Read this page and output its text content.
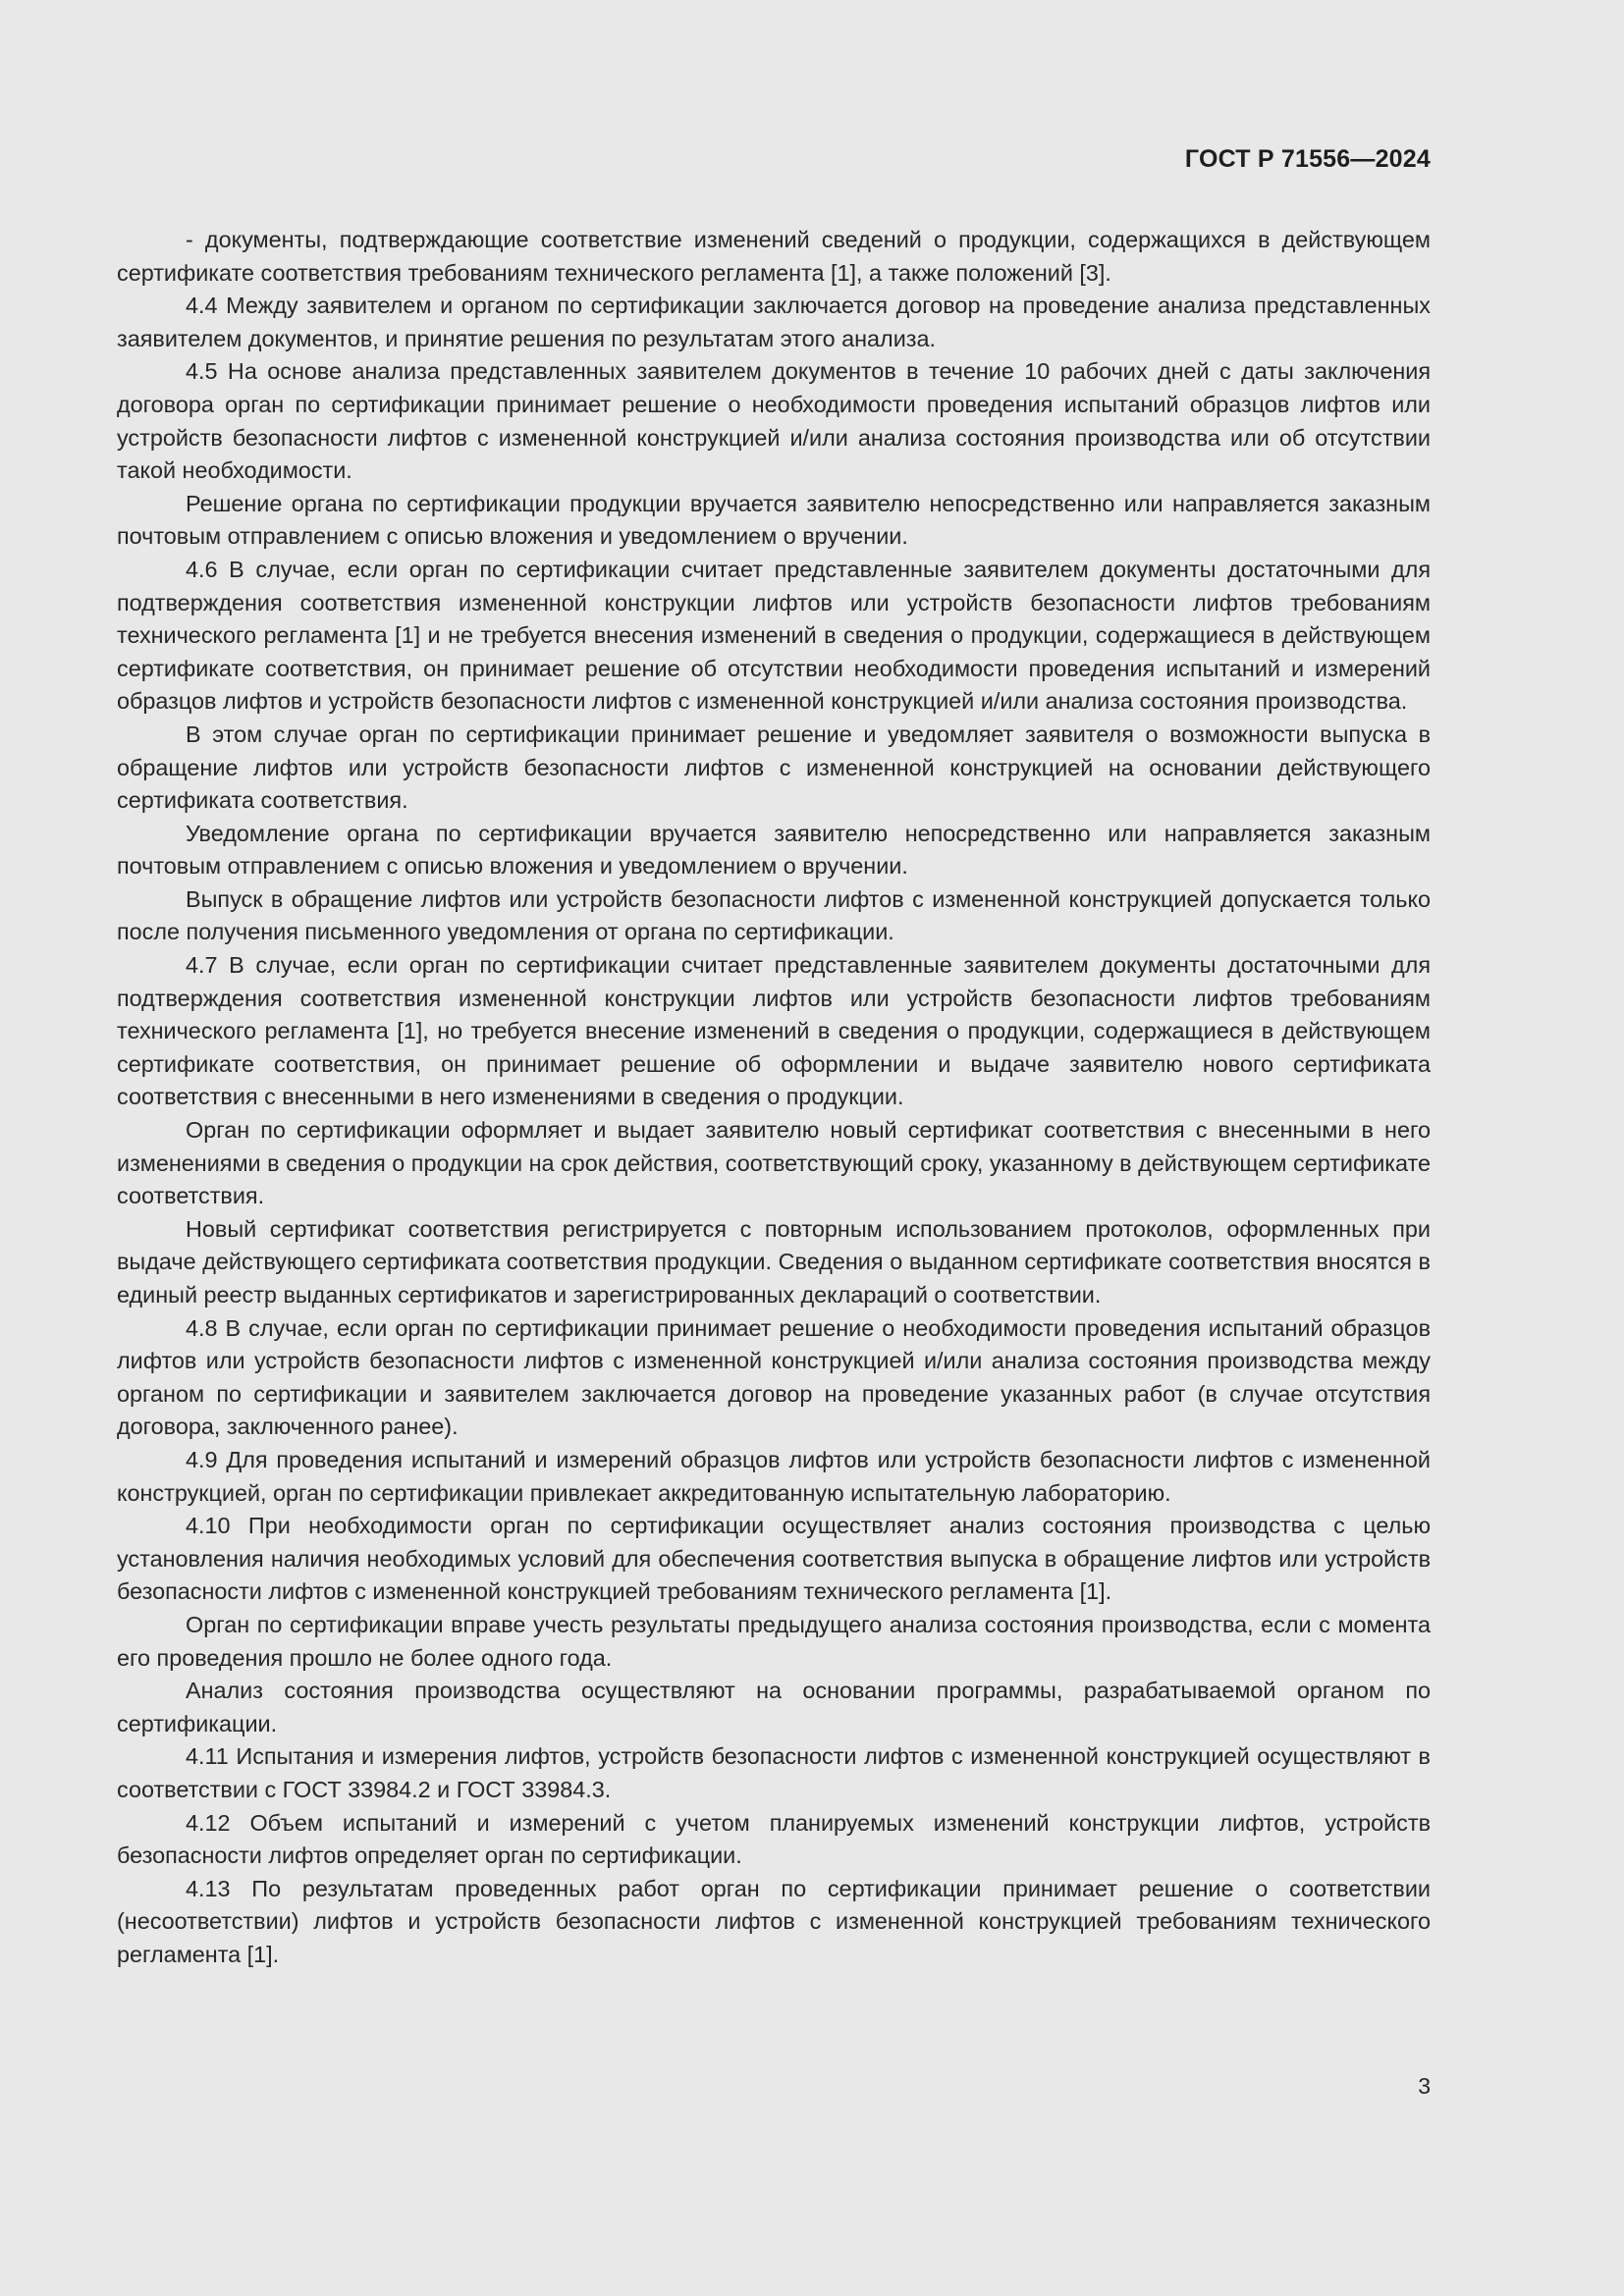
ГОСТ Р 71556—2024

- документы, подтверждающие соответствие изменений сведений о продукции, содержащихся в действующем сертификате соответствия требованиям технического регламента [1], а также положений [3].

4.4 Между заявителем и органом по сертификации заключается договор на проведение анализа представленных заявителем документов, и принятие решения по результатам этого анализа.

4.5 На основе анализа представленных заявителем документов в течение 10 рабочих дней с даты заключения договора орган по сертификации принимает решение о необходимости проведения испытаний образцов лифтов или устройств безопасности лифтов с измененной конструкцией и/или анализа состояния производства или об отсутствии такой необходимости.

Решение органа по сертификации продукции вручается заявителю непосредственно или направляется заказным почтовым отправлением с описью вложения и уведомлением о вручении.

4.6 В случае, если орган по сертификации считает представленные заявителем документы достаточными для подтверждения соответствия измененной конструкции лифтов или устройств безопасности лифтов требованиям технического регламента [1] и не требуется внесения изменений в сведения о продукции, содержащиеся в действующем сертификате соответствия, он принимает решение об отсутствии необходимости проведения испытаний и измерений образцов лифтов и устройств безопасности лифтов с измененной конструкцией и/или анализа состояния производства.

В этом случае орган по сертификации принимает решение и уведомляет заявителя о возможности выпуска в обращение лифтов или устройств безопасности лифтов с измененной конструкцией на основании действующего сертификата соответствия.

Уведомление органа по сертификации вручается заявителю непосредственно или направляется заказным почтовым отправлением с описью вложения и уведомлением о вручении.

Выпуск в обращение лифтов или устройств безопасности лифтов с измененной конструкцией допускается только после получения письменного уведомления от органа по сертификации.

4.7 В случае, если орган по сертификации считает представленные заявителем документы достаточными для подтверждения соответствия измененной конструкции лифтов или устройств безопасности лифтов требованиям технического регламента [1], но требуется внесение изменений в сведения о продукции, содержащиеся в действующем сертификате соответствия, он принимает решение об оформлении и выдаче заявителю нового сертификата соответствия с внесенными в него изменениями в сведения о продукции.

Орган по сертификации оформляет и выдает заявителю новый сертификат соответствия с внесенными в него изменениями в сведения о продукции на срок действия, соответствующий сроку, указанному в действующем сертификате соответствия.

Новый сертификат соответствия регистрируется с повторным использованием протоколов, оформленных при выдаче действующего сертификата соответствия продукции. Сведения о выданном сертификате соответствия вносятся в единый реестр выданных сертификатов и зарегистрированных деклараций о соответствии.

4.8 В случае, если орган по сертификации принимает решение о необходимости проведения испытаний образцов лифтов или устройств безопасности лифтов с измененной конструкцией и/или анализа состояния производства между органом по сертификации и заявителем заключается договор на проведение указанных работ (в случае отсутствия договора, заключенного ранее).

4.9 Для проведения испытаний и измерений образцов лифтов или устройств безопасности лифтов с измененной конструкцией, орган по сертификации привлекает аккредитованную испытательную лабораторию.

4.10 При необходимости орган по сертификации осуществляет анализ состояния производства с целью установления наличия необходимых условий для обеспечения соответствия выпуска в обращение лифтов или устройств безопасности лифтов с измененной конструкцией требованиям технического регламента [1].

Орган по сертификации вправе учесть результаты предыдущего анализа состояния производства, если с момента его проведения прошло не более одного года.

Анализ состояния производства осуществляют на основании программы, разрабатываемой органом по сертификации.

4.11 Испытания и измерения лифтов, устройств безопасности лифтов с измененной конструкцией осуществляют в соответствии с ГОСТ 33984.2 и ГОСТ 33984.3.

4.12 Объем испытаний и измерений с учетом планируемых изменений конструкции лифтов, устройств безопасности лифтов определяет орган по сертификации.

4.13 По результатам проведенных работ орган по сертификации принимает решение о соответствии (несоответствии) лифтов и устройств безопасности лифтов с измененной конструкцией требованиям технического регламента [1].

3
